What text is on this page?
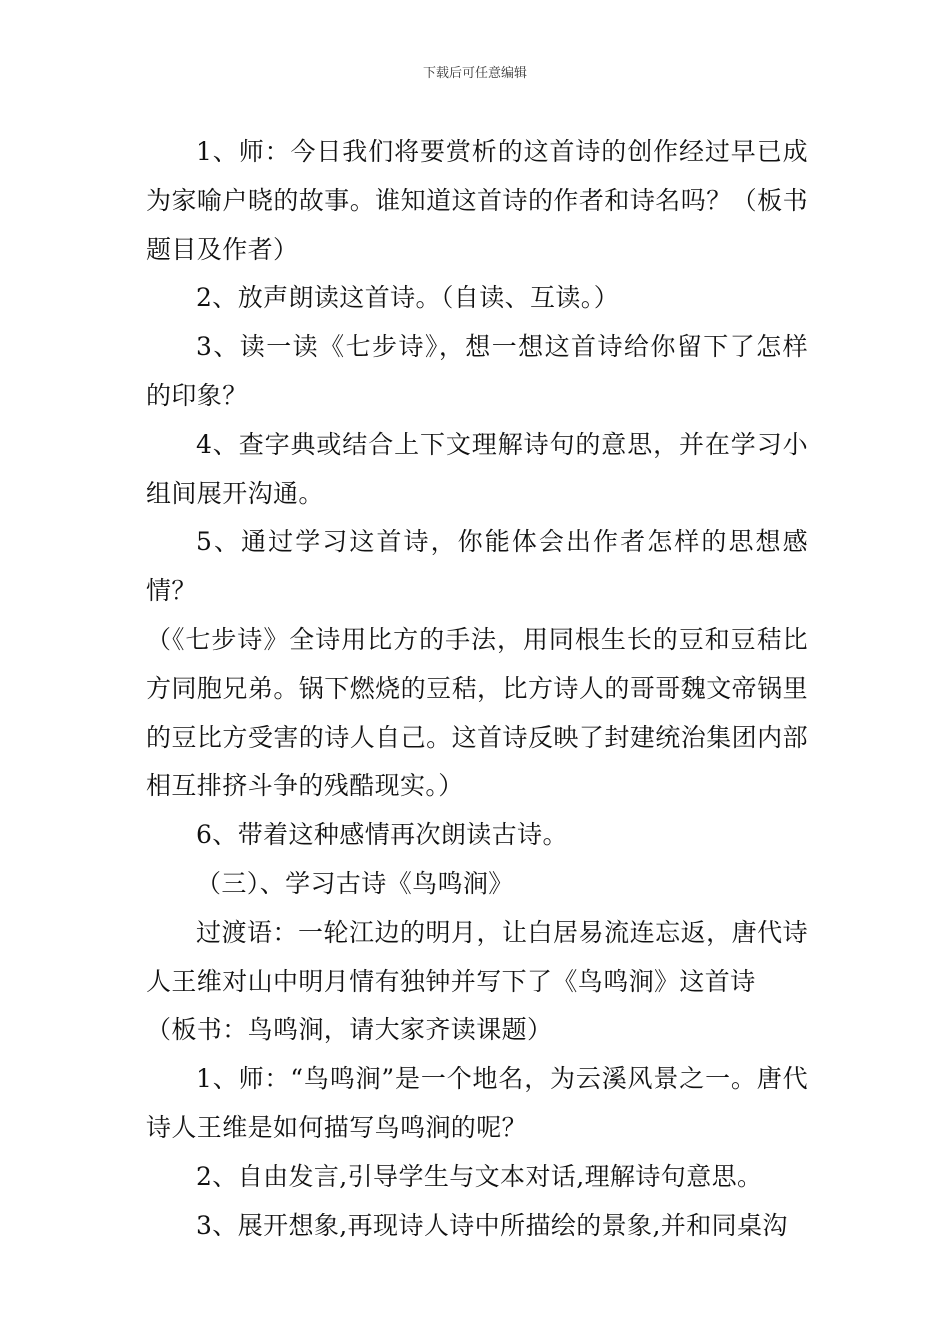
下载后可任意编辑

1、师：今日我们将要赏析的这首诗的创作经过早已成为家喻户晓的故事。谁知道这首诗的作者和诗名吗？（板书题目及作者）

2、放声朗读这首诗。（自读、互读。）

3、读一读《七步诗》，想一想这首诗给你留下了怎样的印象？

4、查字典或结合上下文理解诗句的意思，并在学习小组间展开沟通。

5、通过学习这首诗，你能体会出作者怎样的思想感情？

（《七步诗》全诗用比方的手法，用同根生长的豆和豆秸比方同胞兄弟。锅下燃烧的豆秸，比方诗人的哥哥魏文帝锅里的豆比方受害的诗人自己。这首诗反映了封建统治集团内部相互排挤斗争的残酷现实。）

6、带着这种感情再次朗读古诗。

（三）、学习古诗《鸟鸣涧》

过渡语：一轮江边的明月，让白居易流连忘返，唐代诗人王维对山中明月情有独钟并写下了《鸟鸣涧》这首诗

（板书：鸟鸣涧，请大家齐读课题）

1、师：“鸟鸣涧”是一个地名，为云溪风景之一。唐代诗人王维是如何描写鸟鸣涧的呢？

2、自由发言,引导学生与文本对话,理解诗句意思。

3、展开想象,再现诗人诗中所描绘的景象,并和同桌沟
